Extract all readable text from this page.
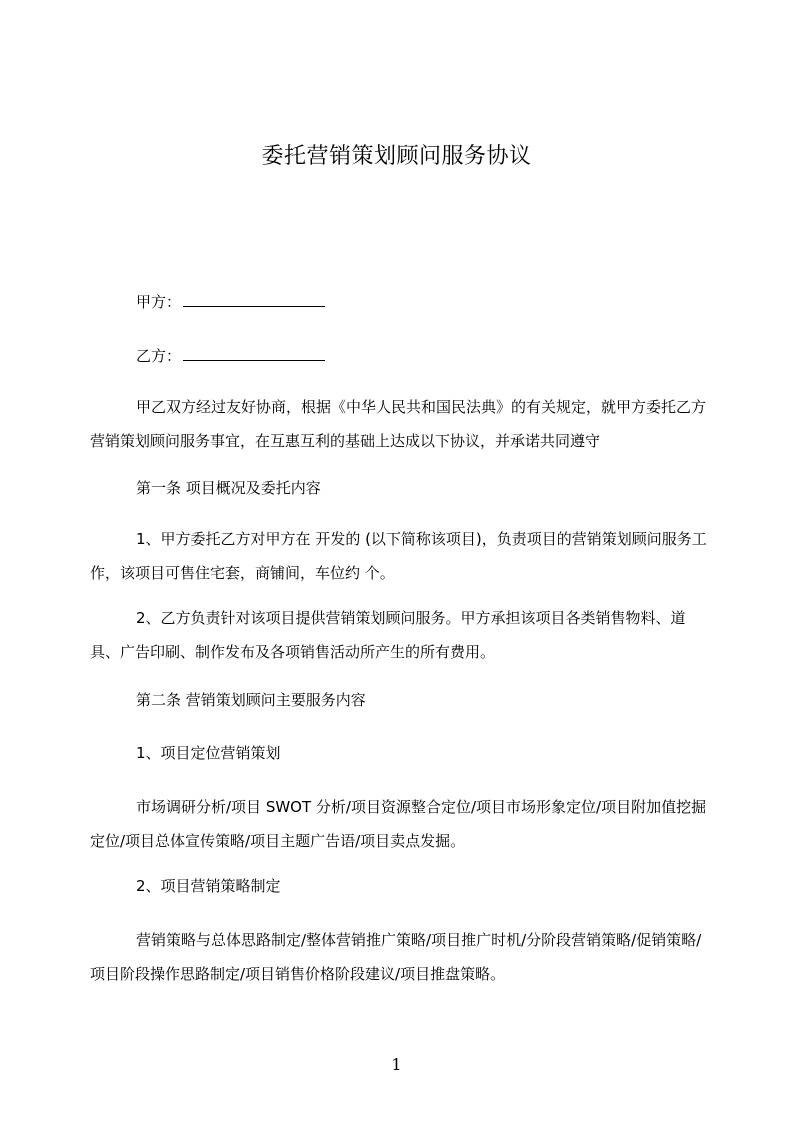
委托营销策划顾问服务协议
甲方：
乙方：
甲乙双方经过友好协商，根据《中华人民共和国民法典》的有关规定，就甲方委托乙方营销策划顾问服务事宜，在互惠互利的基础上达成以下协议，并承诺共同遵守
第一条 项目概况及委托内容
1、甲方委托乙方对甲方在 开发的 (以下简称该项目)，负责项目的营销策划顾问服务工作，该项目可售住宅套，商铺间，车位约 个。
2、乙方负责针对该项目提供营销策划顾问服务。甲方承担该项目各类销售物料、道具、广告印刷、制作发布及各项销售活动所产生的所有费用。
第二条 营销策划顾问主要服务内容
1、项目定位营销策划
市场调研分析/项目 SWOT 分析/项目资源整合定位/项目市场形象定位/项目附加值挖掘定位/项目总体宣传策略/项目主题广告语/项目卖点发掘。
2、项目营销策略制定
营销策略与总体思路制定/整体营销推广策略/项目推广时机/分阶段营销策略/促销策略/项目阶段操作思路制定/项目销售价格阶段建议/项目推盘策略。
1
